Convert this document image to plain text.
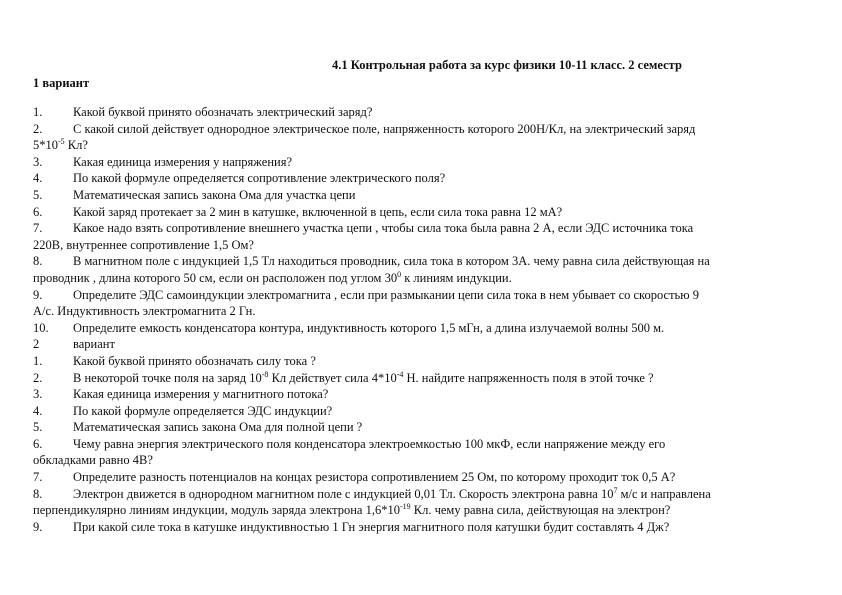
4.1 Контрольная работа за курс физики 10-11 класс. 2 семестр
1 вариант
1.	Какой буквой принято обозначать электрический заряд?
2.	С какой силой действует однородное электрическое поле, напряженность которого 200Н/Кл, на электрический заряд
$5*10^{-5}$ Кл?
3.	Какая единица измерения у напряжения?
4.	По какой формуле определяется сопротивление электрического поля?
5.	Математическая запись закона Ома для участка цепи
6.	Какой заряд протекает за 2 мин в катушке, включенной в цепь, если сила тока равна 12 мА?
7.	Какое надо взять сопротивление внешнего участка цепи , чтобы сила тока была равна 2 А, если ЭДС источника тока
220В, внутреннее сопротивление 1,5 Ом?
8.	В магнитном поле с индукцией 1,5 Тл находиться проводник, сила тока в котором 3А. чему равна сила действующая на
проводник , длина которого 50 см, если он расположен под углом $30^0$ к линиям индукции.
9.	Определите ЭДС самоиндукции электромагнита , если при размыкании цепи сила тока в нем убывает со скоростью 9
А/с. Индуктивность электромагнита 2 Гн.
10.	Определите емкость конденсатора контура, индуктивность которого 1,5 мГн, а длина излучаемой волны 500 м.
2	вариант
1.	Какой буквой принято обозначать силу тока ?
2.	В некоторой точке поля на заряд $10^{-8}$ Кл действует сила $4*10^{-4}$ Н. найдите напряженность поля в этой точке ?
3.	Какая единица измерения у магнитного потока?
4.	По какой формуле определяется ЭДС индукции?
5.	Математическая запись закона Ома для полной цепи ?
6.	Чему равна энергия электрического поля конденсатора электроемкостью 100 мкФ, если напряжение между его
обкладками равно 4В?
7.	Определите разность потенциалов на концах резистора сопротивлением 25 Ом, по которому проходит ток 0,5 А?
8.	Электрон движется в однородном магнитном поле с индукцией 0,01 Тл. Скорость электрона равна $10^7$ м/с и направлена
перпендикулярно линиям индукции, модуль заряда электрона $1,6*10^{-19}$ Кл. чему равна сила, действующая на электрон?
9.	При какой силе тока в катушке индуктивностью 1 Гн энергия магнитного поля катушки будит составлять 4 Дж?
